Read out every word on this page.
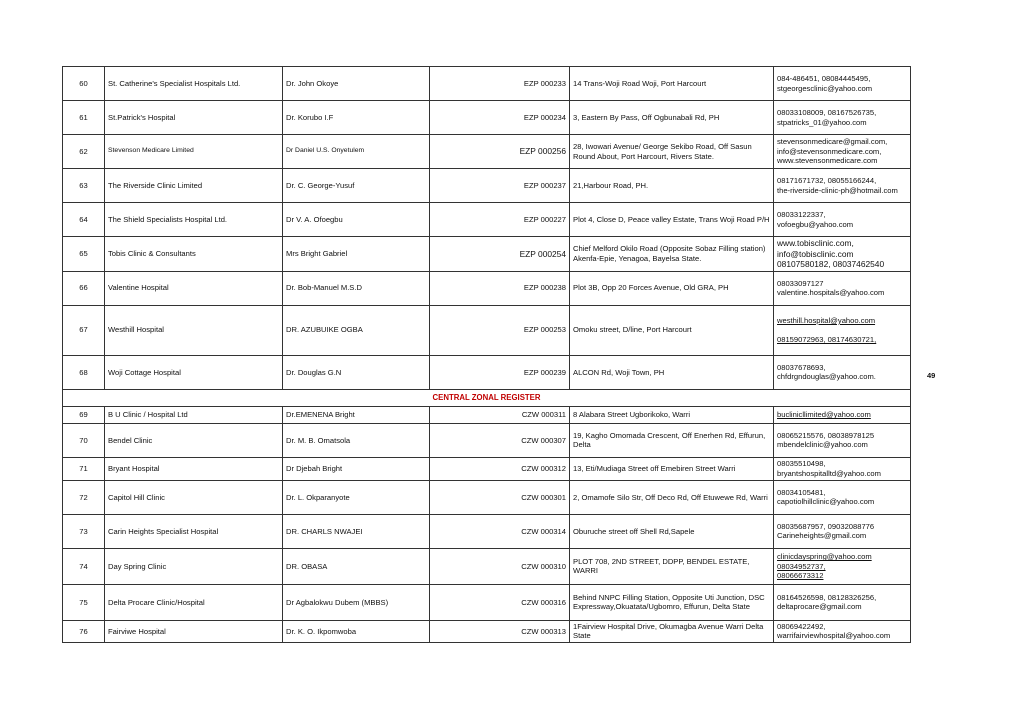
60	St. Catherine's Specialist Hospitals Ltd.	Dr. John Okoye	EZP 000233	14 Trans-Woji Road Woji, Port Harcourt	084-486451, 08084445495,
stgeorgesclinic@yahoo.com
61	St.Patrick's Hospital	Dr. Korubo I.F	EZP 000234	3, Eastern By Pass, Off Ogbunabali Rd, PH	08033108009, 08167526735,
stpatricks_01@yahoo.com
62	Stevenson Medicare Limited	Dr Daniel U.S. Onyetulem	EZP 000256	28, Iwowari Avenue/ George Sekibo Road, Off Sasun Round About, Port Harcourt, Rivers State.	stevensonmedicare@gmail.com,
info@stevensonmedicare.com,
www.stevensonmedicare.com
63	The Riverside Clinic Limited	Dr. C. George-Yusuf	EZP 000237	21,Harbour Road, PH.	08171671732, 08055166244,
the-riverside-clinic-ph@hotmail.com
64	The Shield Specialists Hospital Ltd.	Dr V. A. Ofoegbu	EZP 000227	Plot 4, Close D, Peace valley Estate, Trans Woji Road P/H	08033122337,
vofoegbu@yahoo.com
65	Tobis Clinic & Consultants	Mrs Bright Gabriel	EZP 000254	Chief Melford Okilo Road (Opposite Sobaz Filling station) Akenfa-Epie, Yenagoa, Bayelsa State.	www.tobisclinic.com, info@tobisclinic.com
08107580182, 08037462540
66	Valentine Hospital	Dr. Bob-Manuel M.S.D	EZP 000238	Plot 3B, Opp 20 Forces Avenue, Old GRA, PH	08033097127
valentine.hospitals@yahoo.com
67	Westhill Hospital	DR. AZUBUIKE OGBA	EZP 000253	Omoku street, D/line, Port Harcourt	westhill.hospital@yahoo.com

08159072963, 08174630721,

68	Woji Cottage Hospital	Dr. Douglas G.N	EZP 000239	ALCON Rd, Woji Town, PH	08037678693,
chfdrgndouglas@yahoo.com.
CENTRAL ZONAL REGISTER					
69	B U Clinic / Hospital Ltd	Dr.EMENENA Bright	CZW 000311	8 Alabara Street Ugborikoko, Warri	buclinicllimited@yahoo.com
70	Bendel Clinic	Dr. M. B. Omatsola	CZW 000307	19, Kagho Omomada Crescent, Off Enerhen Rd, Effurun, Delta	08065215576, 08038978125
mbendelclinic@yahoo.com
71	Bryant Hospital	Dr Djebah Bright	CZW 000312	13, Eti/Mudiaga Street off Emebiren Street Warri	08035510498, bryantshospitalltd@yahoo.com
72	Capitol Hill Clinic	Dr. L. Okparanyote	CZW 000301	2, Omamofe Silo Str, Off Deco Rd, Off Etuwewe Rd, Warri	08034105481,
capotiolhillclinic@yahoo.com
73	Carin Heights Specialist Hospital	DR. CHARLS NWAJEI	CZW 000314	Oburuche street off Shell Rd,Sapele	08035687957, 09032088776
Carineheights@gmail.com
74	Day Spring Clinic	DR. OBASA	CZW 000310	PLOT 708, 2ND STREET, DDPP, BENDEL ESTATE, WARRI	clinicdayspring@yahoo.com 08034952737,
08066673312
75	Delta Procare Clinic/Hospital	Dr Agbalokwu Dubem (MBBS)	CZW 000316	Behind NNPC Filling Station, Opposite Uti Junction, DSC Expressway,Okuatata/Ugbomro, Effurun, Delta State	08164526598, 08128326256,
deltaprocare@gmail.com
76	Fairviwe Hospital	Dr. K. O. Ikpomwoba	CZW 000313	1Fairview Hospital Drive, Okumagba Avenue Warri Delta State	08069422492, warrifairviewhospital@yahoo.com
49
